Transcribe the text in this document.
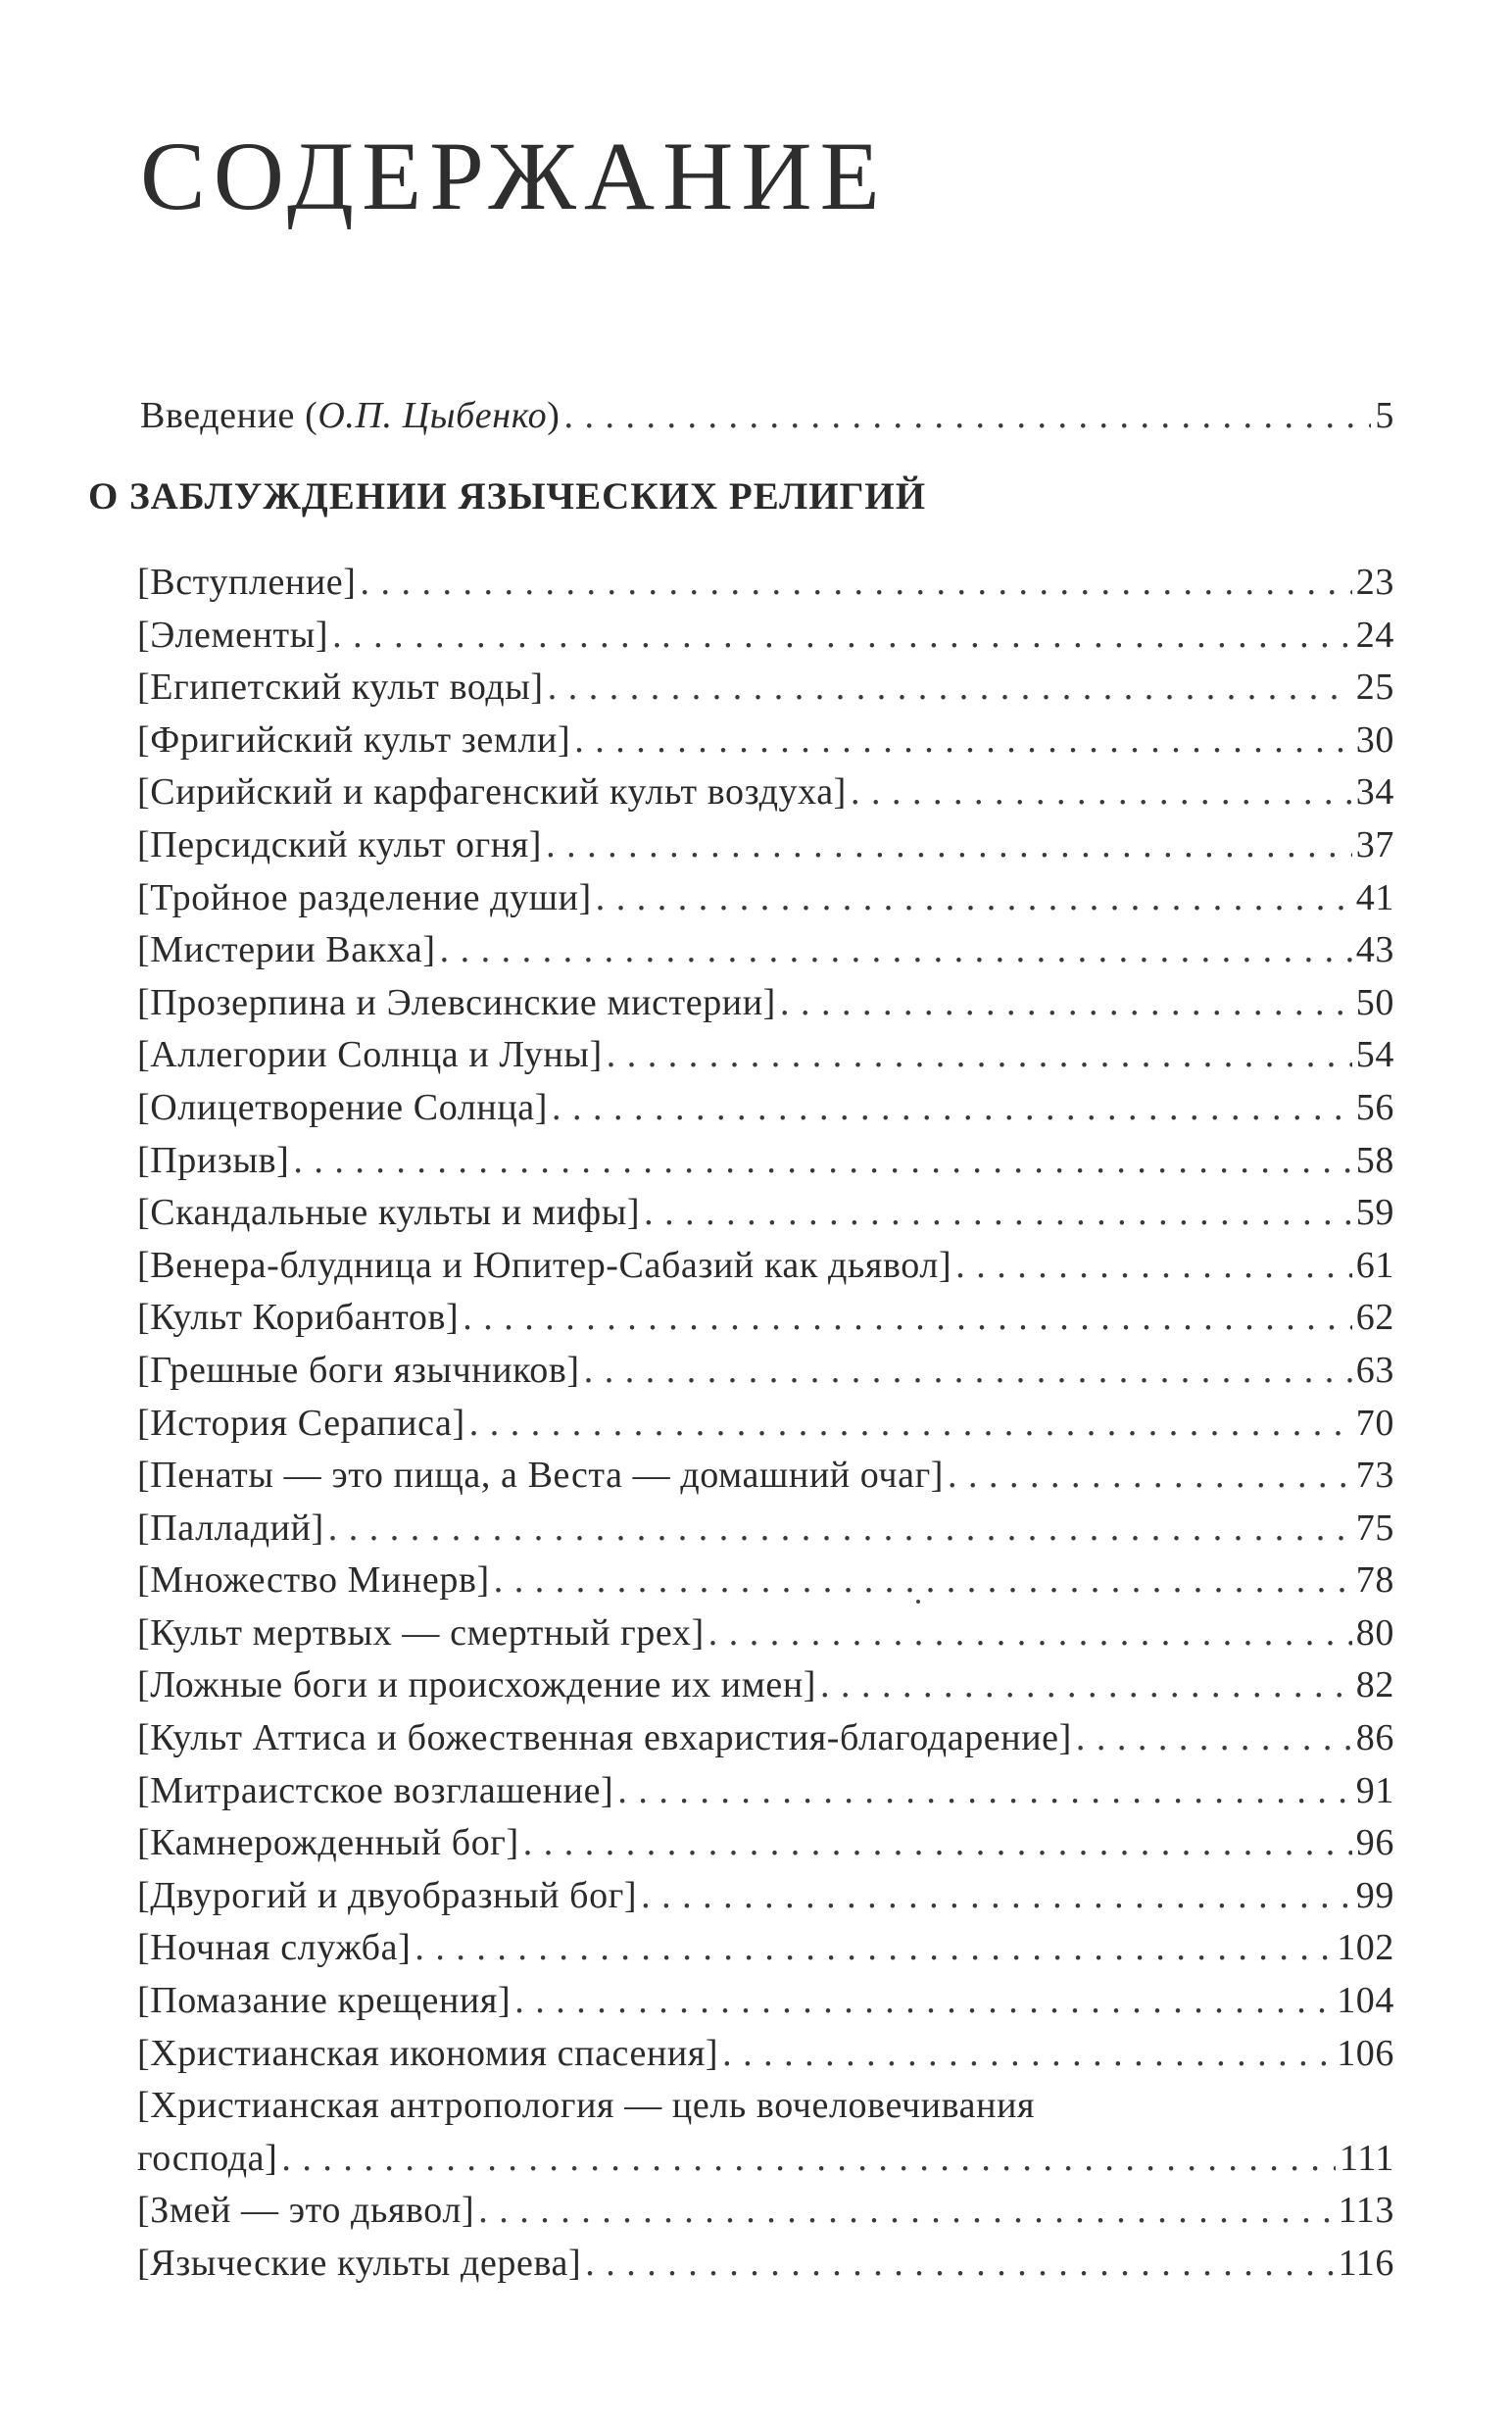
СОДЕРЖАНИЕ
Введение (О.П. Цыбенко) . . .	5
О ЗАБЛУЖДЕНИИ ЯЗЫЧЕСКИХ РЕЛИГИЙ
[Вступление] . . .	23
[Элементы] . . .	24
[Египетский культ воды] . . .	25
[Фригийский культ земли] . . .	30
[Сирийский и карфагенский культ воздуха] . . .	34
[Персидский культ огня] . . .	37
[Тройное разделение души] . . .	41
[Мистерии Вакха] . . .	43
[Прозерпина и Элевсинские мистерии] . . .	50
[Аллегории Солнца и Луны] . . .	54
[Олицетворение Солнца] . . .	56
[Призыв] . . .	58
[Скандальные культы и мифы] . . .	59
[Венера-блудница и Юпитер-Сабазий как дьявол] . . .	61
[Культ Корибантов] . . .	62
[Грешные боги язычников] . . .	63
[История Сераписа] . . .	70
[Пенаты — это пища, а Веста — домашний очаг] . . .	73
[Палладий] . . .	75
[Множество Минерв] . . .	78
[Культ мертвых — смертный грех] . . .	80
[Ложные боги и происхождение их имен] . . .	82
[Культ Аттиса и божественная евхаристия-благодарение] . . .	86
[Митраистское возглашение] . . .	91
[Камнерожденный бог] . . .	96
[Двурогий и двуобразный бог] . . .	99
[Ночная служба] . . .	102
[Помазание крещения] . . .	104
[Христианская икономия спасения] . . .	106
[Христианская антропология — цель вочеловечивания
господа] . . .	111
[Змей — это дьявол] . . .	113
[Языческие культы дерева] . . .	116
